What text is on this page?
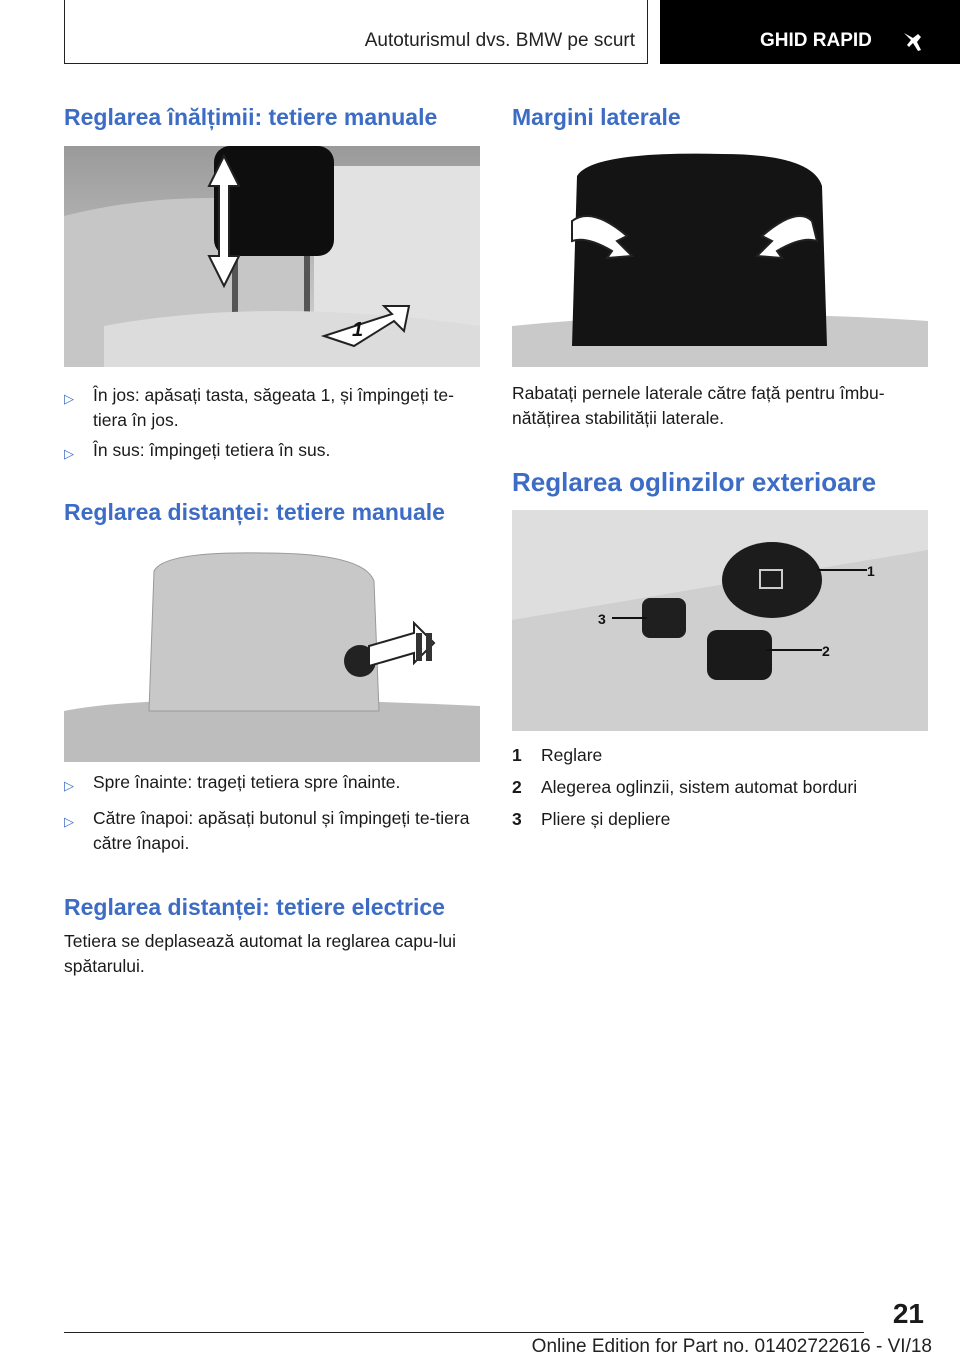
Autoturismul dvs. BMW pe scurt	GHID RAPID
Reglarea înălțimii: tetiere manuale
1
▷ În jos: apăsați tasta, săgeata 1, și împingeți te-tiera în jos.
▷ În sus: împingeți tetiera în sus.
Reglarea distanței: tetiere manuale
▷ Spre înainte: trageți tetiera spre înainte.
▷ Către înapoi: apăsați butonul și împingeți te-tiera către înapoi.
Reglarea distanței: tetiere electrice
Tetiera se deplasează automat la reglarea capu-lui spătarului.
Margini laterale
Rabatați pernele laterale către față pentru îmbu-nătățirea stabilității laterale.
Reglarea oglinzilor exterioare
1
2
3
1 Reglare
2 Alegerea oglinzii, sistem automat borduri
3 Pliere și depliere
21
Online Edition for Part no. 01402722616 - VI/18
